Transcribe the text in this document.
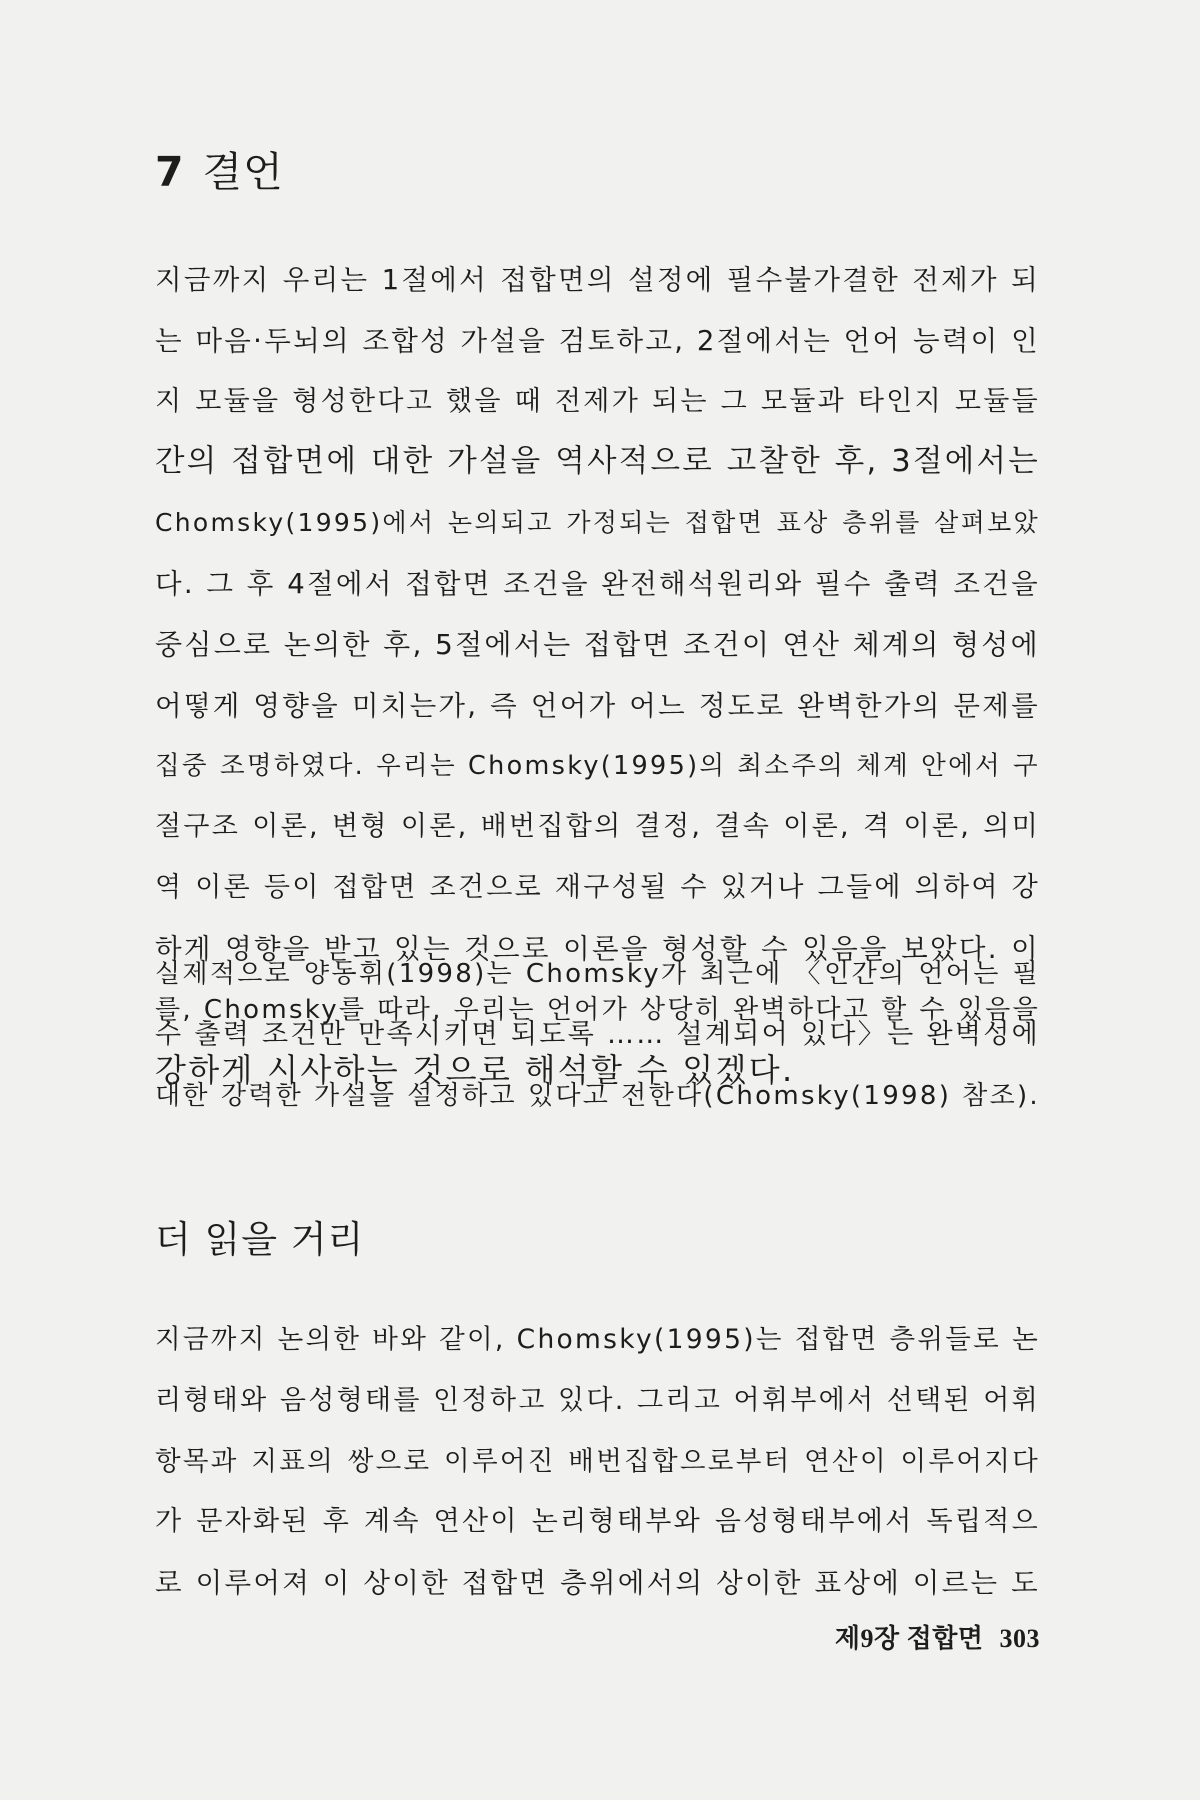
7 결언
지금까지 우리는 1절에서 접합면의 설정에 필수불가결한 전제가 되
는 마음·두뇌의 조합성 가설을 검토하고, 2절에서는 언어 능력이 인
지 모듈을 형성한다고 했을 때 전제가 되는 그 모듈과 타인지 모듈들
간의 접합면에 대한 가설을 역사적으로 고찰한 후, 3절에서는
Chomsky(1995)에서 논의되고 가정되는 접합면 표상 층위를 살펴보았
다. 그 후 4절에서 접합면 조건을 완전해석원리와 필수 출력 조건을
중심으로 논의한 후, 5절에서는 접합면 조건이 연산 체계의 형성에
어떻게 영향을 미치는가, 즉 언어가 어느 정도로 완벽한가의 문제를
집중 조명하였다. 우리는 Chomsky(1995)의 최소주의 체계 안에서 구
절구조 이론, 변형 이론, 배번집합의 결정, 결속 이론, 격 이론, 의미
역 이론 등이 접합면 조건으로 재구성될 수 있거나 그들에 의하여 강
하게 영향을 받고 있는 것으로 이론을 형성할 수 있음을 보았다. 이
를, Chomsky를 따라, 우리는 언어가 상당히 완벽하다고 할 수 있음을
강하게 시사하는 것으로 해석할 수 있겠다.
실제적으로 양동휘(1998)는 Chomsky가 최근에 〈인간의 언어는 필
수 출력 조건만 만족시키면 되도록 …… 설계되어 있다〉는 완벽성에
대한 강력한 가설을 설정하고 있다고 전한다(Chomsky(1998) 참조).
더 읽을 거리
지금까지 논의한 바와 같이, Chomsky(1995)는 접합면 층위들로 논
리형태와 음성형태를 인정하고 있다. 그리고 어휘부에서 선택된 어휘
항목과 지표의 쌍으로 이루어진 배번집합으로부터 연산이 이루어지다
가 문자화된 후 계속 연산이 논리형태부와 음성형태부에서 독립적으
로 이루어져 이 상이한 접합면 층위에서의 상이한 표상에 이르는 도
제9장 접합면 303
